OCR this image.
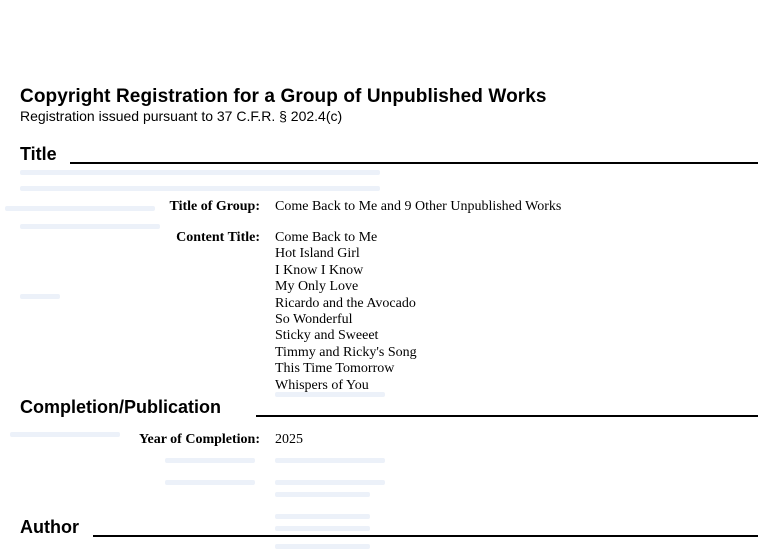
Copyright Registration for a Group of Unpublished Works
Registration issued pursuant to 37 C.F.R. § 202.4(c)
Title
Title of Group: Come Back to Me and 9 Other Unpublished Works
Content Title: Come Back to Me
Hot Island Girl
I Know I Know
My Only Love
Ricardo and the Avocado
So Wonderful
Sticky and Sweeet
Timmy and Ricky's Song
This Time Tomorrow
Whispers of You
Completion/Publication
Year of Completion: 2025
Author
